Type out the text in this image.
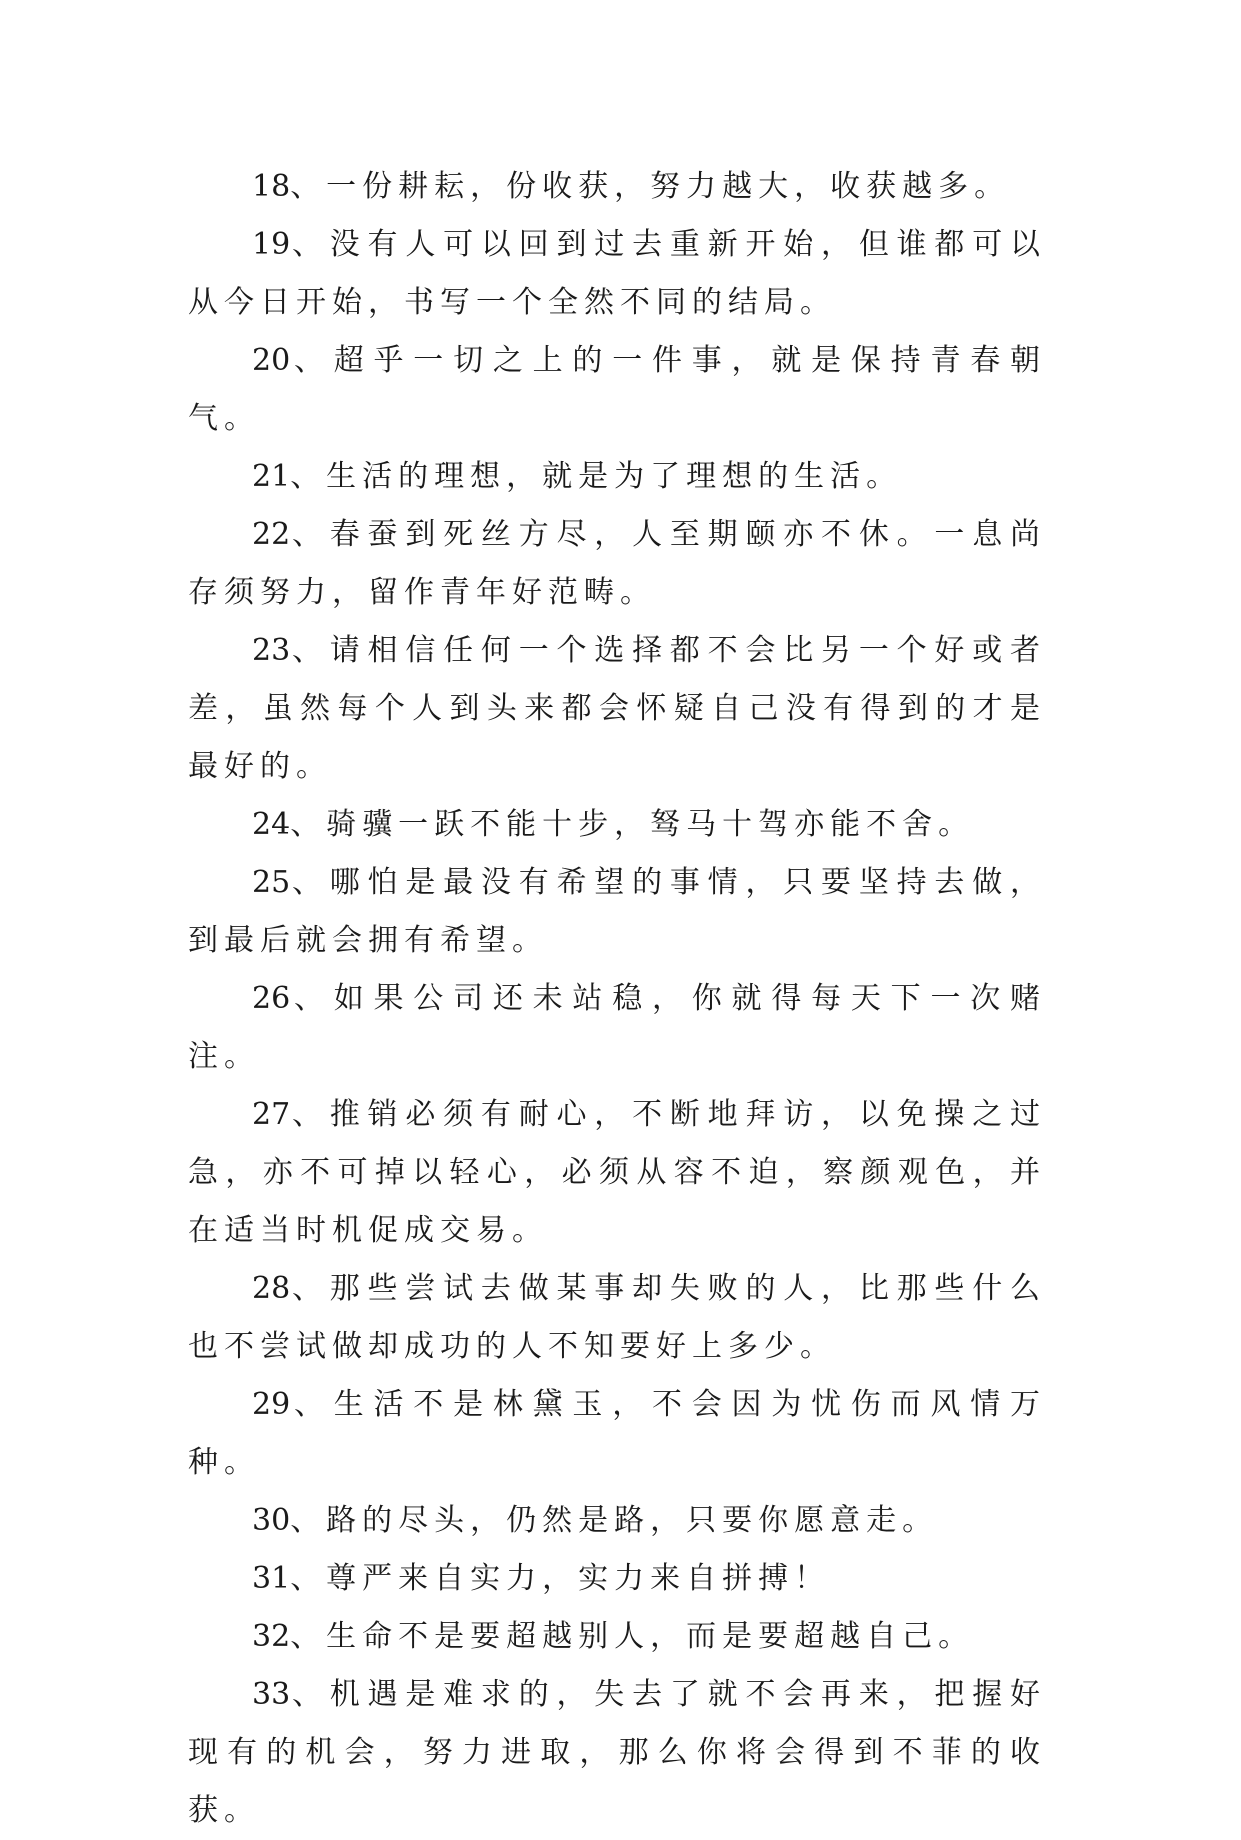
18、一份耕耘，份收获，努力越大，收获越多。

19、没有人可以回到过去重新开始，但谁都可以从今日开始，书写一个全然不同的结局。

20、超乎一切之上的一件事，就是保持青春朝气。

21、生活的理想，就是为了理想的生活。

22、春蚕到死丝方尽，人至期颐亦不休。一息尚存须努力，留作青年好范畴。

23、请相信任何一个选择都不会比另一个好或者差，虽然每个人到头来都会怀疑自己没有得到的才是最好的。

24、骑骥一跃不能十步，驽马十驾亦能不舍。

25、哪怕是最没有希望的事情，只要坚持去做，到最后就会拥有希望。

26、如果公司还未站稳，你就得每天下一次赌注。

27、推销必须有耐心，不断地拜访，以免操之过急，亦不可掉以轻心，必须从容不迫，察颜观色，并在适当时机促成交易。

28、那些尝试去做某事却失败的人，比那些什么也不尝试做却成功的人不知要好上多少。

29、生活不是林黛玉，不会因为忧伤而风情万种。

30、路的尽头，仍然是路，只要你愿意走。

31、尊严来自实力，实力来自拼搏！

32、生命不是要超越别人，而是要超越自己。

33、机遇是难求的，失去了就不会再来，把握好现有的机会，努力进取，那么你将会得到不菲的收获。
